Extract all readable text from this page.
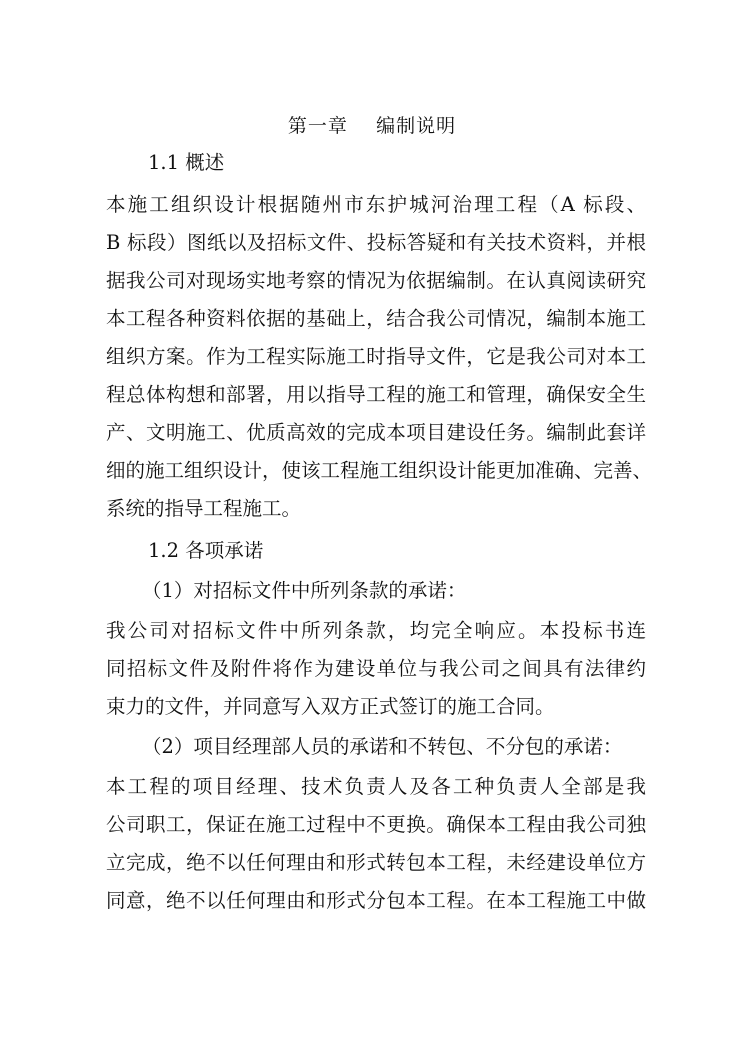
第一章    编制说明
1.1 概述
本施工组织设计根据随州市东护城河治理工程（A 标段、
B 标段）图纸以及招标文件、投标答疑和有关技术资料，并根
据我公司对现场实地考察的情况为依据编制。在认真阅读研究
本工程各种资料依据的基础上，结合我公司情况，编制本施工
组织方案。作为工程实际施工时指导文件，它是我公司对本工
程总体构想和部署，用以指导工程的施工和管理，确保安全生
产、文明施工、优质高效的完成本项目建设任务。编制此套详
细的施工组织设计，使该工程施工组织设计能更加准确、完善、
系统的指导工程施工。
1.2 各项承诺
（1）对招标文件中所列条款的承诺：
我公司对招标文件中所列条款，均完全响应。本投标书连
同招标文件及附件将作为建设单位与我公司之间具有法律约
束力的文件，并同意写入双方正式签订的施工合同。
（2）项目经理部人员的承诺和不转包、不分包的承诺：
本工程的项目经理、技术负责人及各工种负责人全部是我
公司职工，保证在施工过程中不更换。确保本工程由我公司独
立完成，绝不以任何理由和形式转包本工程，未经建设单位方
同意，绝不以任何理由和形式分包本工程。在本工程施工中做
